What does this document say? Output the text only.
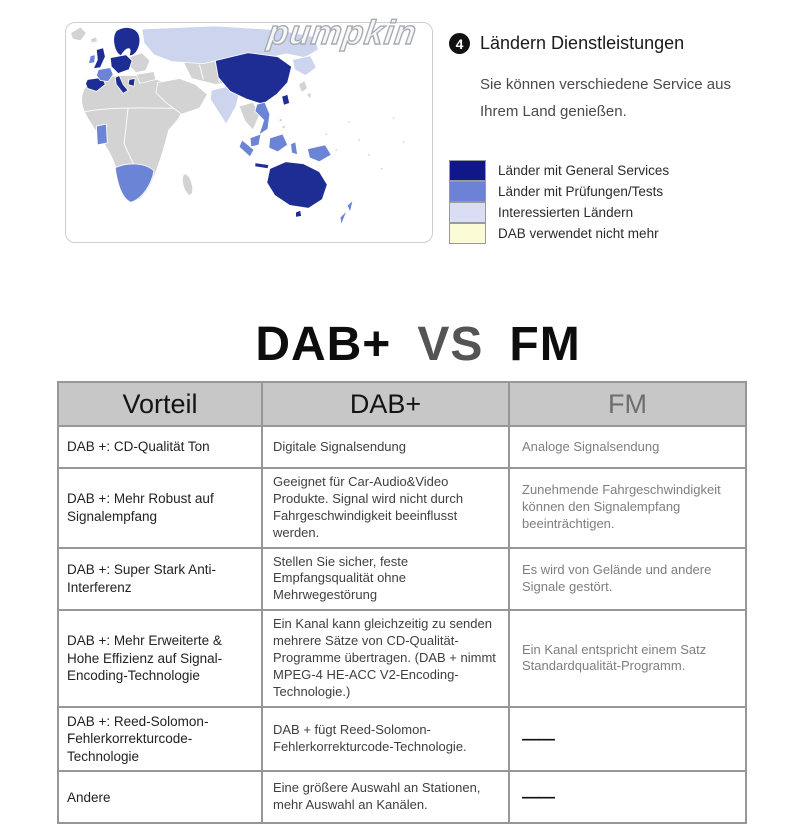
pumpkin	4 Ländern Dienstleistungen
Sie können verschiedene Service aus
Ihrem Land genießen.
Länder mit General Services
Länder mit Prüfungen/Tests
Interessierten Ländern
DAB verwendet nicht mehr
DAB+ VS FM
Vorteil	DAB+	FM
DAB +: CD-Qualität Ton	Digitale Signalsendung	Analoge Signalsendung
DAB +: Mehr Robust auf Signalempfang	Geeignet für Car-Audio&Video Produkte. Signal wird nicht durch Fahrgeschwindigkeit beeinflusst werden.	Zunehmende Fahrgeschwindigkeit können den Signalempfang beeinträchtigen.
DAB +: Super Stark Anti-Interferenz	Stellen Sie sicher, feste Empfangsqualität ohne Mehrwegestörung	Es wird von Gelände und andere Signale gestört.
DAB +: Mehr Erweiterte & Hohe Effizienz auf Signal-Encoding-Technologie	Ein Kanal kann gleichzeitig zu senden mehrere Sätze von CD-Qualität-Programme übertragen. (DAB + nimmt MPEG-4 HE-ACC V2-Encoding-Technologie.)	Ein Kanal entspricht einem Satz Standardqualität-Programm.
DAB +: Reed-Solomon-Fehlerkorrekturcode-Technologie	DAB + fügt Reed-Solomon-Fehlerkorrekturcode-Technologie.	——
Andere	Eine größere Auswahl an Stationen, mehr Auswahl an Kanälen.	——
